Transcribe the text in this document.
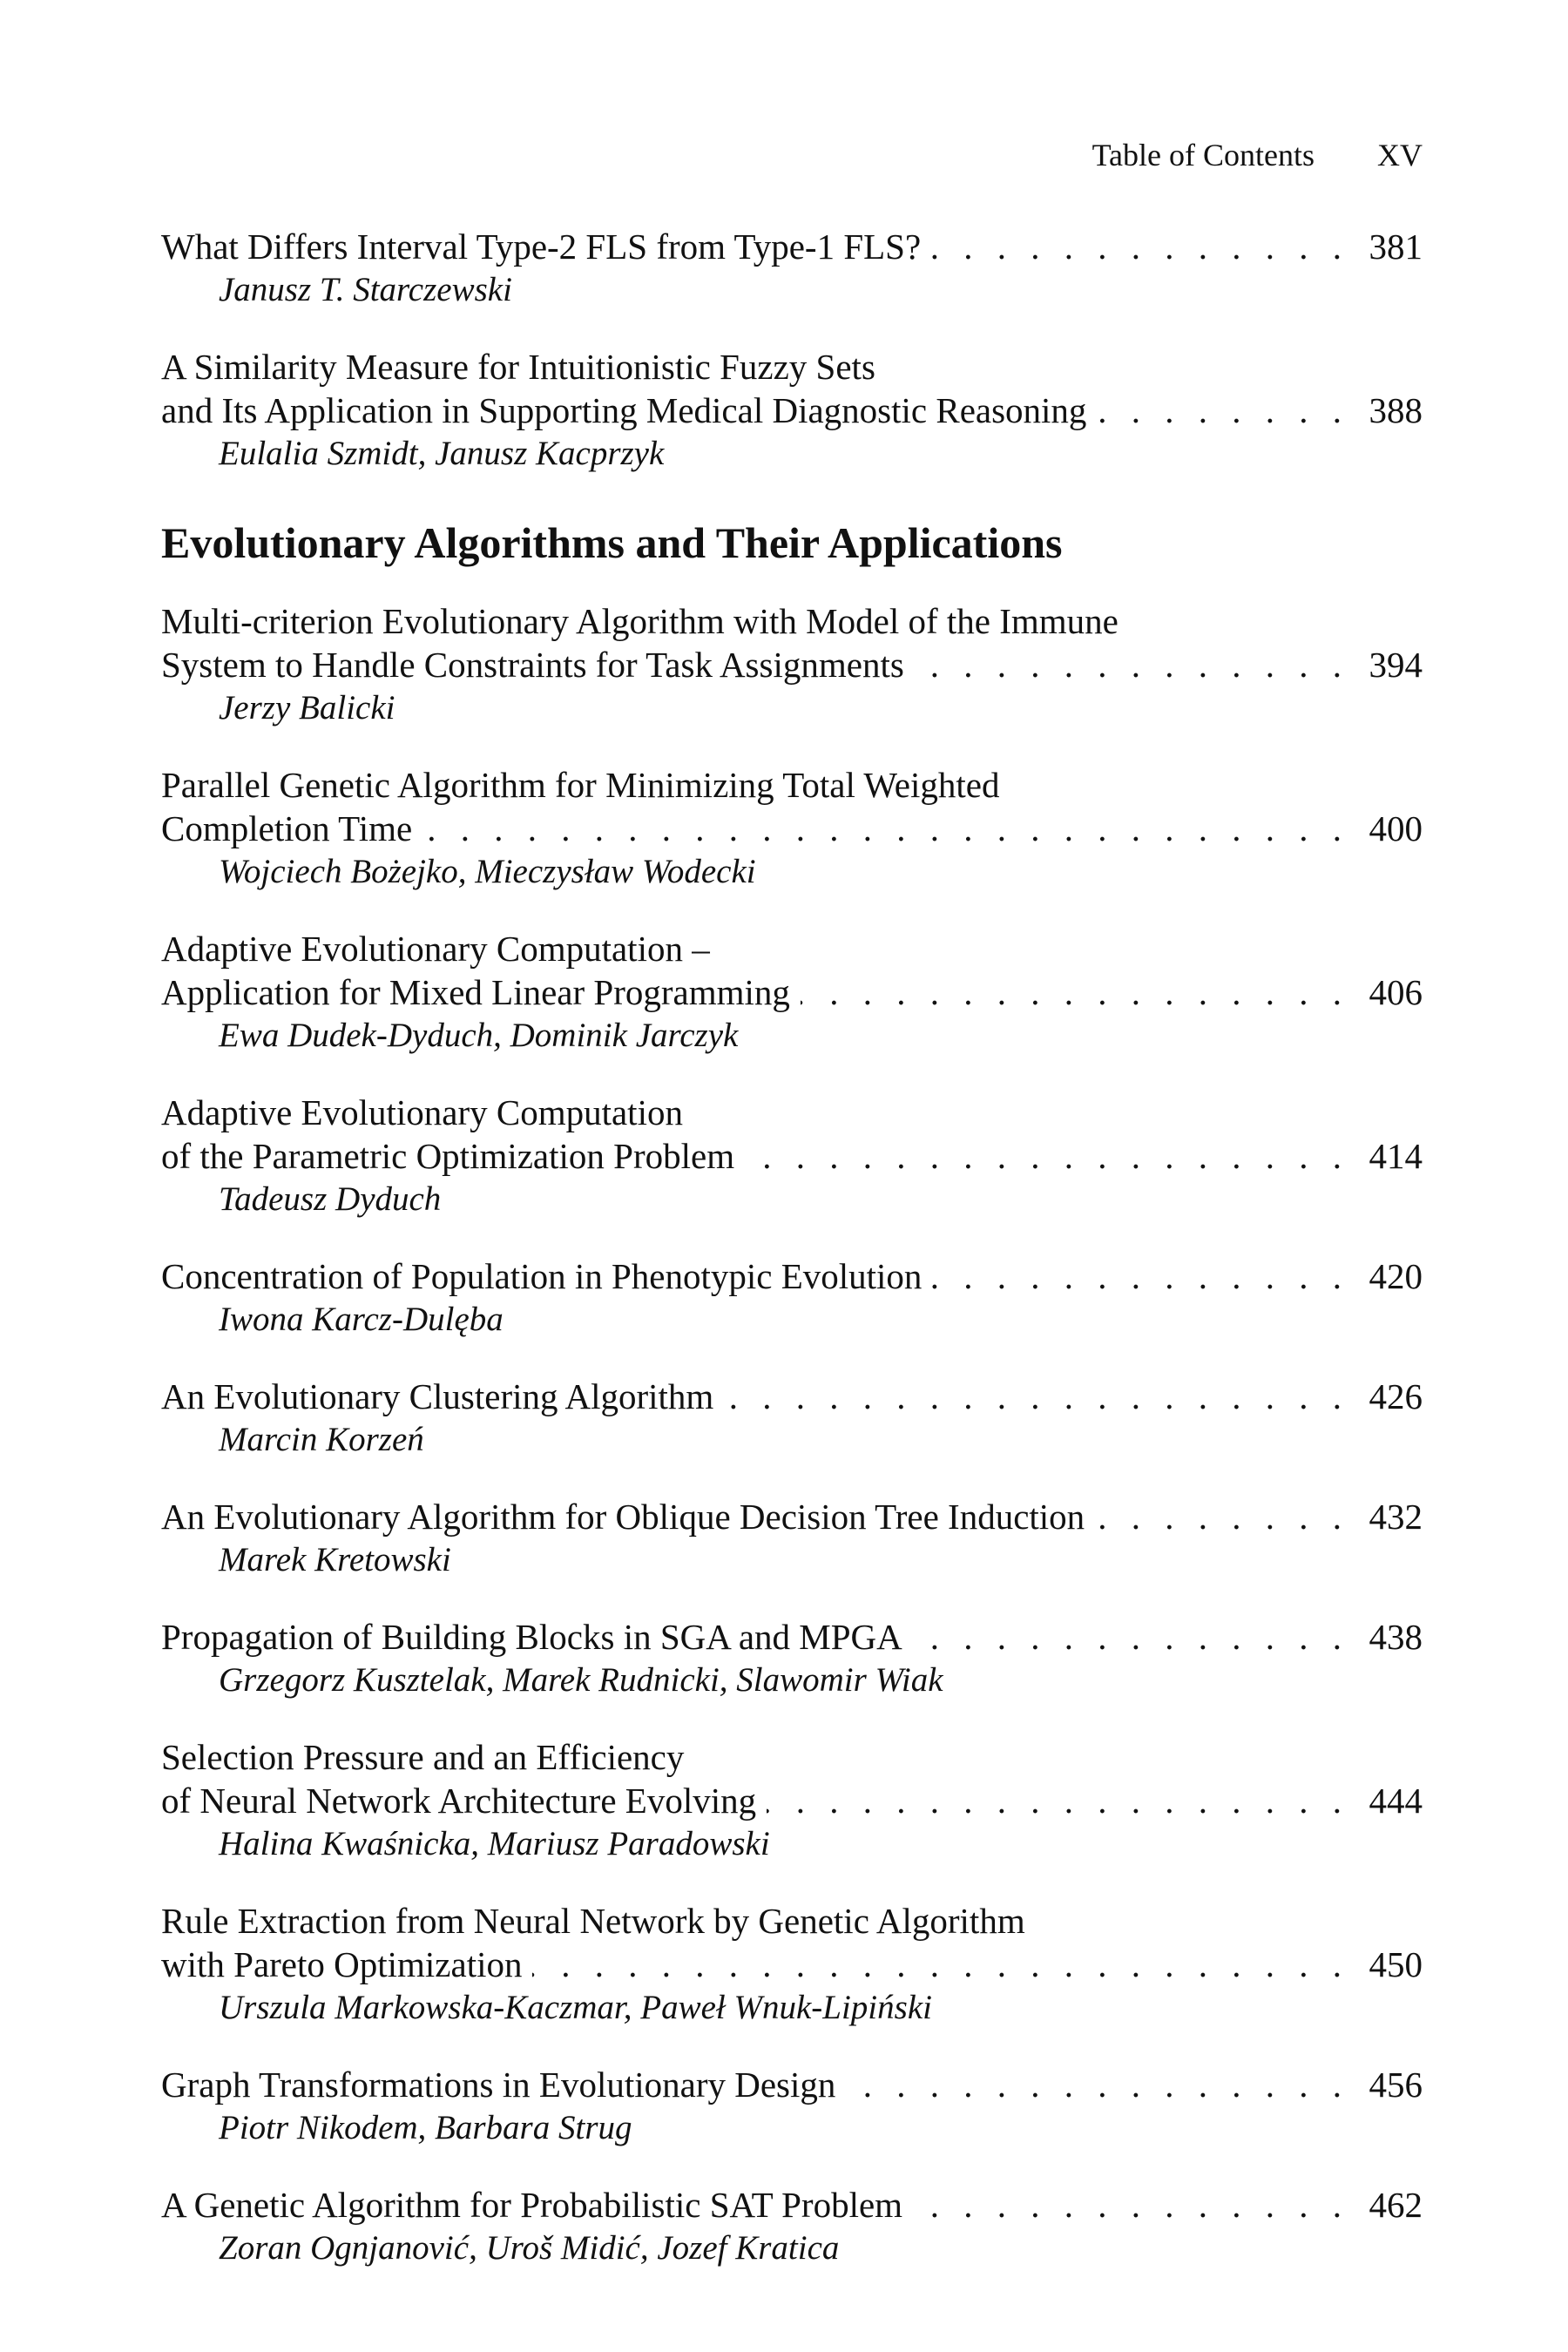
Table of Contents XV
What Differs Interval Type-2 FLS from Type-1 FLS? . . .	381
Janusz T. Starczewski
A Similarity Measure for Intuitionistic Fuzzy Sets
and Its Application in Supporting Medical Diagnostic Reasoning . . .	388
Eulalia Szmidt, Janusz Kacprzyk
Evolutionary Algorithms and Their Applications
Multi-criterion Evolutionary Algorithm with Model of the Immune
System to Handle Constraints for Task Assignments . . .	394
Jerzy Balicki
Parallel Genetic Algorithm for Minimizing Total Weighted
Completion Time . . .	400
Wojciech Bożejko, Mieczysław Wodecki
Adaptive Evolutionary Computation –
Application for Mixed Linear Programming . . .	406
Ewa Dudek-Dyduch, Dominik Jarczyk
Adaptive Evolutionary Computation
of the Parametric Optimization Problem . . .	414
Tadeusz Dyduch
Concentration of Population in Phenotypic Evolution . . .	420
Iwona Karcz-Dulęba
An Evolutionary Clustering Algorithm . . .	426
Marcin Korzeń
An Evolutionary Algorithm for Oblique Decision Tree Induction . . .	432
Marek Kretowski
Propagation of Building Blocks in SGA and MPGA . . .	438
Grzegorz Kusztelak, Marek Rudnicki, Slawomir Wiak
Selection Pressure and an Efficiency
of Neural Network Architecture Evolving . . .	444
Halina Kwaśnicka, Mariusz Paradowski
Rule Extraction from Neural Network by Genetic Algorithm
with Pareto Optimization . . .	450
Urszula Markowska-Kaczmar, Paweł Wnuk-Lipiński
Graph Transformations in Evolutionary Design . . .	456
Piotr Nikodem, Barbara Strug
A Genetic Algorithm for Probabilistic SAT Problem . . .	462
Zoran Ognjanović, Uroš Midić, Jozef Kratica
